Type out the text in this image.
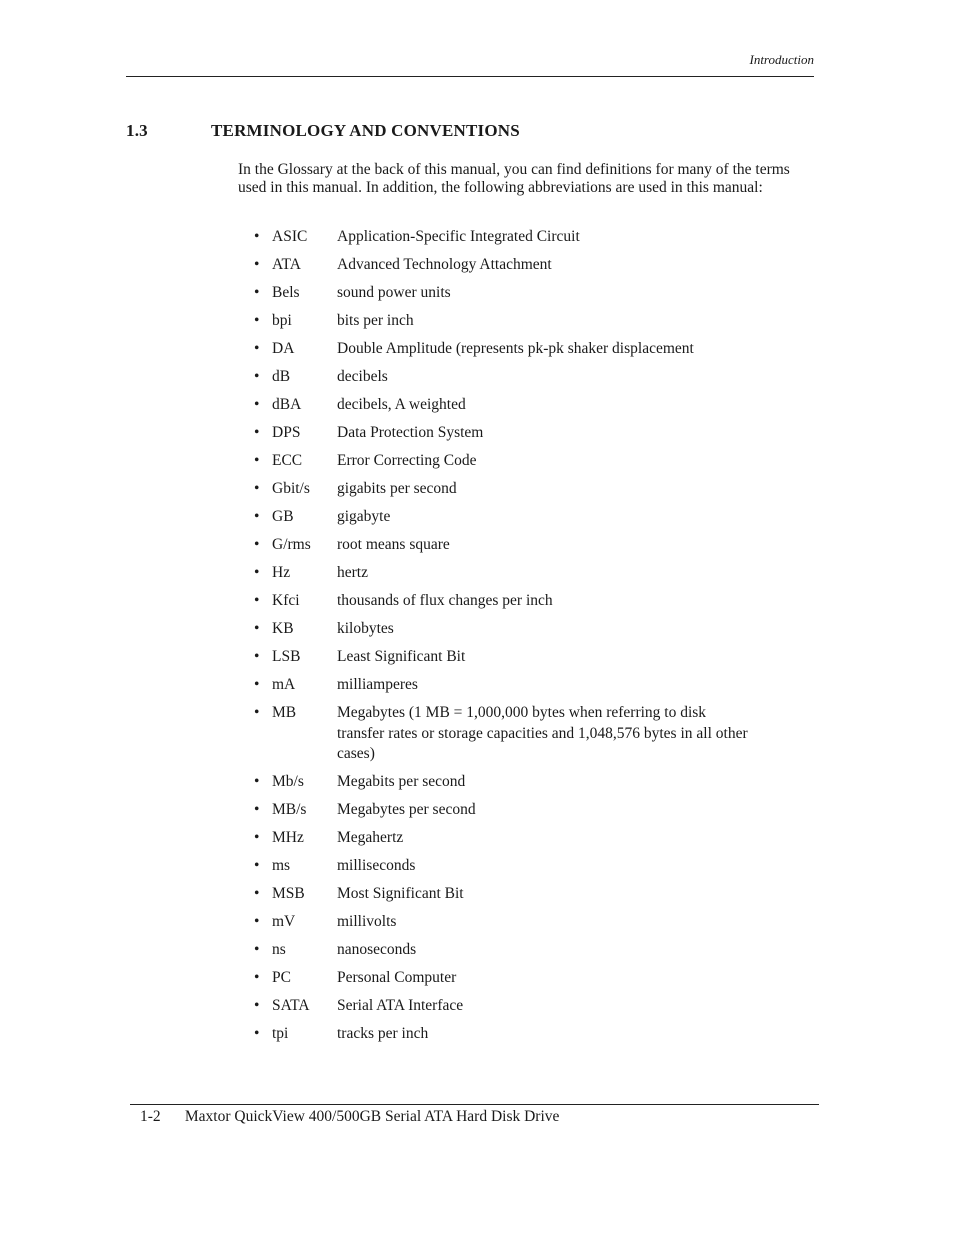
Introduction
1.3	TERMINOLOGY AND CONVENTIONS

In the Glossary at the back of this manual, you can find definitions for many of the terms used in this manual. In addition, the following abbreviations are used in this manual:

• ASIC Application-Specific Integrated Circuit
• ATA Advanced Technology Attachment
• Bels sound power units
• bpi	bits per inch
• DA	Double Amplitude (represents pk-pk shaker displacement
• dB	decibels
• dBA decibels, A weighted
• DPS Data Protection System
• ECC Error Correcting Code
• Gbit/s gigabits per second
• GB	gigabyte
• G/rms root means square
• Hz	hertz
• Kfci thousands of flux changes per inch
• KB	kilobytes
• LSB Least Significant Bit
• mA	milliamperes
• MB	Megabytes (1 MB = 1,000,000 bytes when referring to disk transfer rates or storage capacities and 1,048,576 bytes in all other cases)
• Mb/s Megabits per second
• MB/s Megabytes per second
• MHz Megahertz
• ms	milliseconds
• MSB Most Significant Bit
• mV	millivolts
• ns	nanoseconds
• PC	Personal Computer
• SATA Serial ATA Interface
• tpi	tracks per inch
1-2 Maxtor QuickView 400/500GB Serial ATA Hard Disk Drive
